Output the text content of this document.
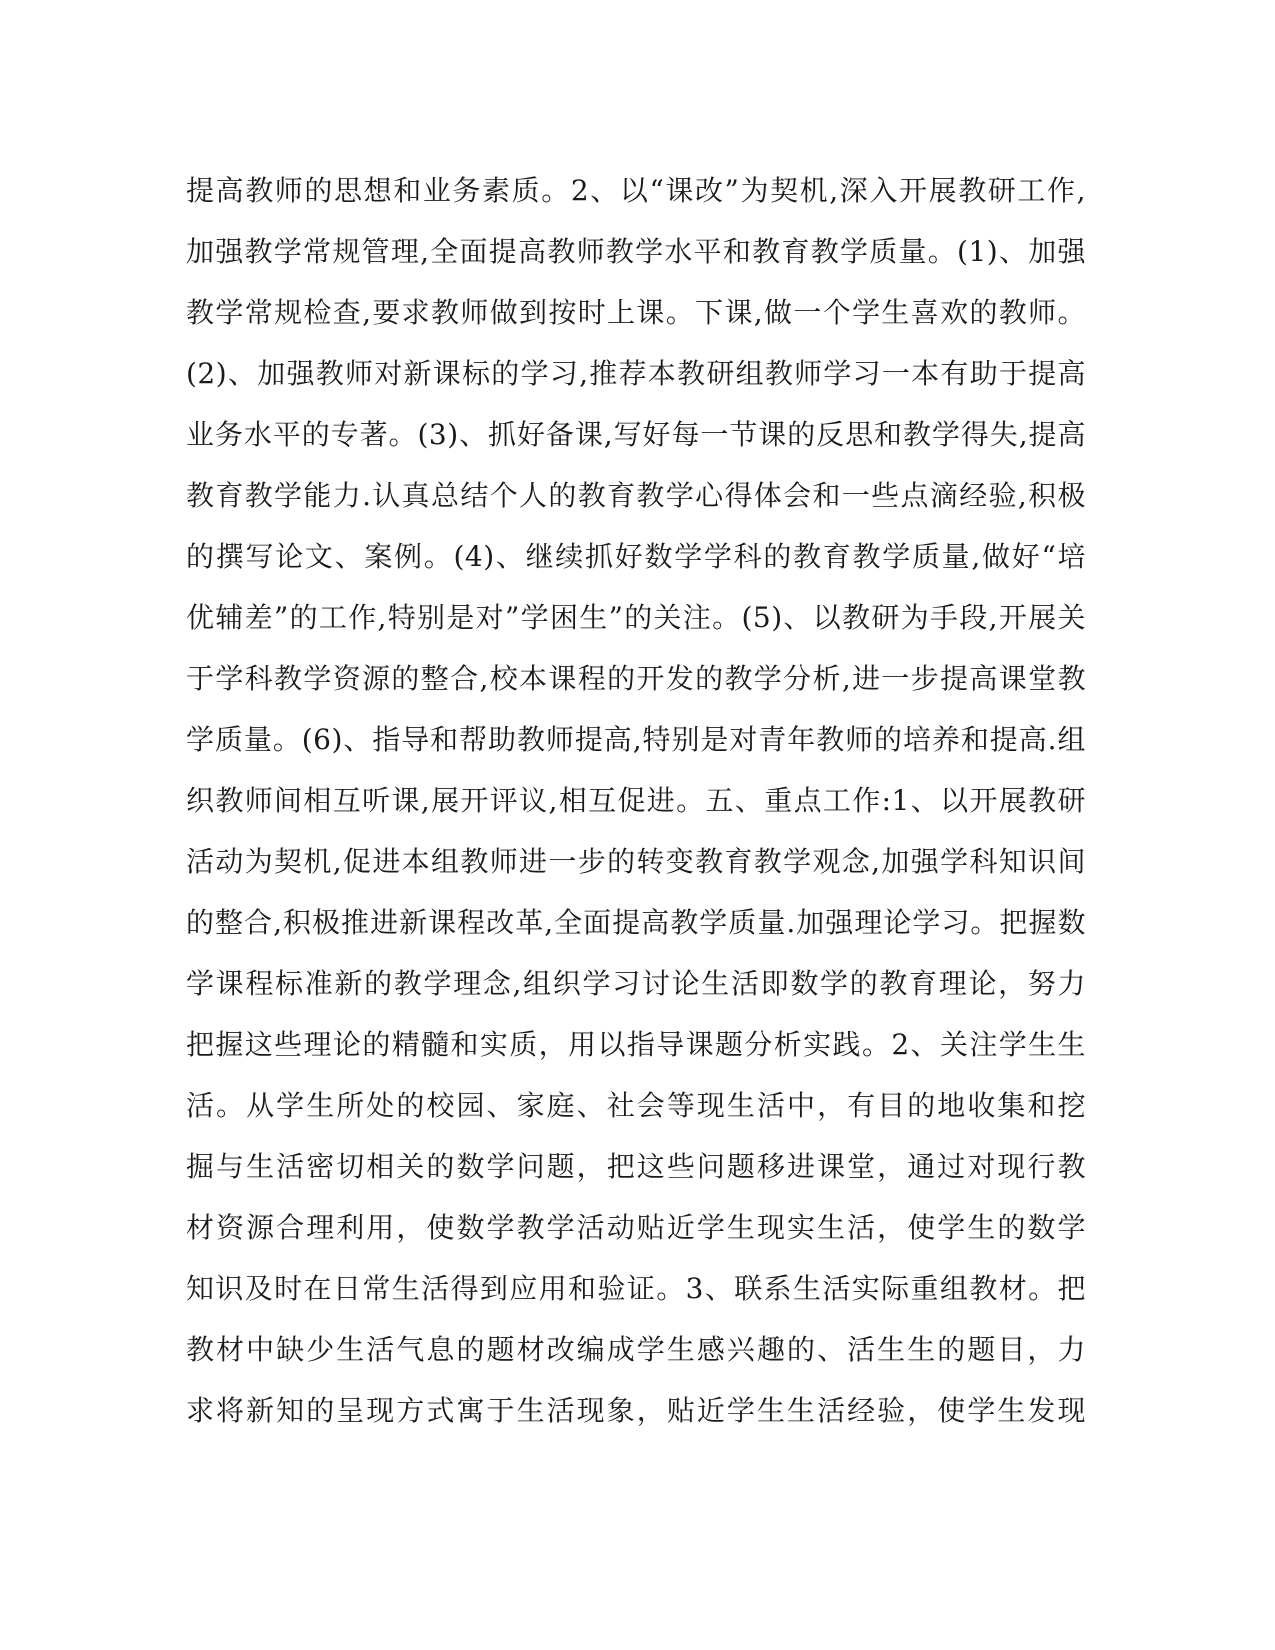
提高教师的思想和业务素质。2、以“课改”为契机,深入开展教研工作,
加强教学常规管理,全面提高教师教学水平和教育教学质量。(1)、加强
教学常规检查,要求教师做到按时上课。下课,做一个学生喜欢的教师。
(2)、加强教师对新课标的学习,推荐本教研组教师学习一本有助于提高
业务水平的专著。(3)、抓好备课,写好每一节课的反思和教学得失,提高
教育教学能力.认真总结个人的教育教学心得体会和一些点滴经验,积极
的撰写论文、案例。(4)、继续抓好数学学科的教育教学质量,做好“培
优辅差”的工作,特别是对”学困生”的关注。(5)、以教研为手段,开展关
于学科教学资源的整合,校本课程的开发的教学分析,进一步提高课堂教
学质量。(6)、指导和帮助教师提高,特别是对青年教师的培养和提高.组
织教师间相互听课,展开评议,相互促进。五、重点工作:1、以开展教研
活动为契机,促进本组教师进一步的转变教育教学观念,加强学科知识间
的整合,积极推进新课程改革,全面提高教学质量.加强理论学习。把握数
学课程标准新的教学理念,组织学习讨论生活即数学的教育理论，努力
把握这些理论的精髓和实质，用以指导课题分析实践。2、关注学生生
活。从学生所处的校园、家庭、社会等现生活中，有目的地收集和挖
掘与生活密切相关的数学问题，把这些问题移进课堂，通过对现行教
材资源合理利用，使数学教学活动贴近学生现实生活，使学生的数学
知识及时在日常生活得到应用和验证。3、联系生活实际重组教材。把
教材中缺少生活气息的题材改编成学生感兴趣的、活生生的题目，力
求将新知的呈现方式寓于生活现象，贴近学生生活经验，使学生发现
